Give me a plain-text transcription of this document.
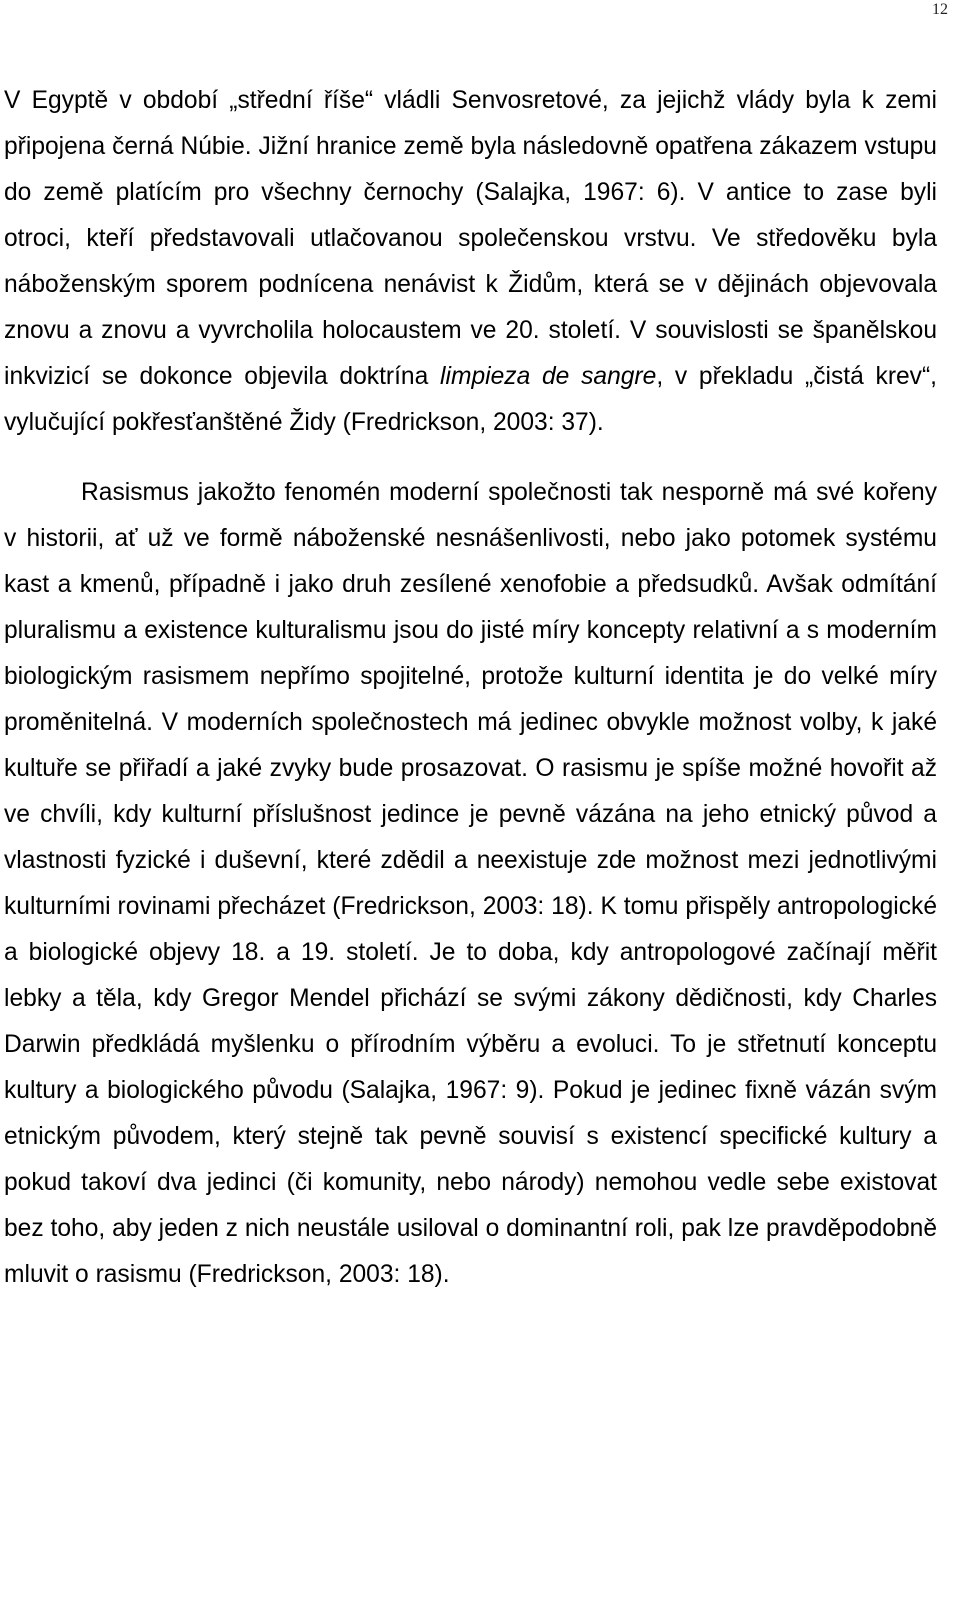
12

V Egyptě v období „střední říše“ vládli Senvosretové, za jejichž vlády byla k zemi připojena černá Núbie. Jižní hranice země byla následovně opatřena zákazem vstupu do země platícím pro všechny černochy (Salajka, 1967: 6). V antice to zase byli otroci, kteří představovali utlačovanou společenskou vrstvu. Ve středověku byla náboženským sporem podnícena nenávist k Židům, která se v dějinách objevovala znovu a znovu a vyvrcholila holocaustem ve 20. století. V souvislosti se španělskou inkvizicí se dokonce objevila doktrína limpieza de sangre, v překladu „čistá krev“, vylučující pokřesťanštěné Židy (Fredrickson, 2003: 37).

Rasismus jakožto fenomén moderní společnosti tak nesporně má své kořeny v historii, ať už ve formě náboženské nesnášenlivosti, nebo jako potomek systému kast a kmenů, případně i jako druh zesílené xenofobie a předsudků. Avšak odmítání pluralismu a existence kulturalismu jsou do jisté míry koncepty relativní a s moderním biologickým rasismem nepřímo spojitelné, protože kulturní identita je do velké míry proměnitelná. V moderních společnostech má jedinec obvykle možnost volby, k jaké kultuře se přiřadí a jaké zvyky bude prosazovat. O rasismu je spíše možné hovořit až ve chvíli, kdy kulturní příslušnost jedince je pevně vázána na jeho etnický původ a vlastnosti fyzické i duševní, které zdědil a neexistuje zde možnost mezi jednotlivými kulturními rovinami přecházet (Fredrickson, 2003: 18). K tomu přispěly antropologické a biologické objevy 18. a 19. století. Je to doba, kdy antropologové začínají měřit lebky a těla, kdy Gregor Mendel přichází se svými zákony dědičnosti, kdy Charles Darwin předkládá myšlenku o přírodním výběru a evoluci. To je střetnutí konceptu kultury a biologického původu (Salajka, 1967: 9). Pokud je jedinec fixně vázán svým etnickým původem, který stejně tak pevně souvisí s existencí specifické kultury a pokud takoví dva jedinci (či komunity, nebo národy) nemohou vedle sebe existovat bez toho, aby jeden z nich neustále usiloval o dominantní roli, pak lze pravděpodobně mluvit o rasismu (Fredrickson, 2003: 18).
